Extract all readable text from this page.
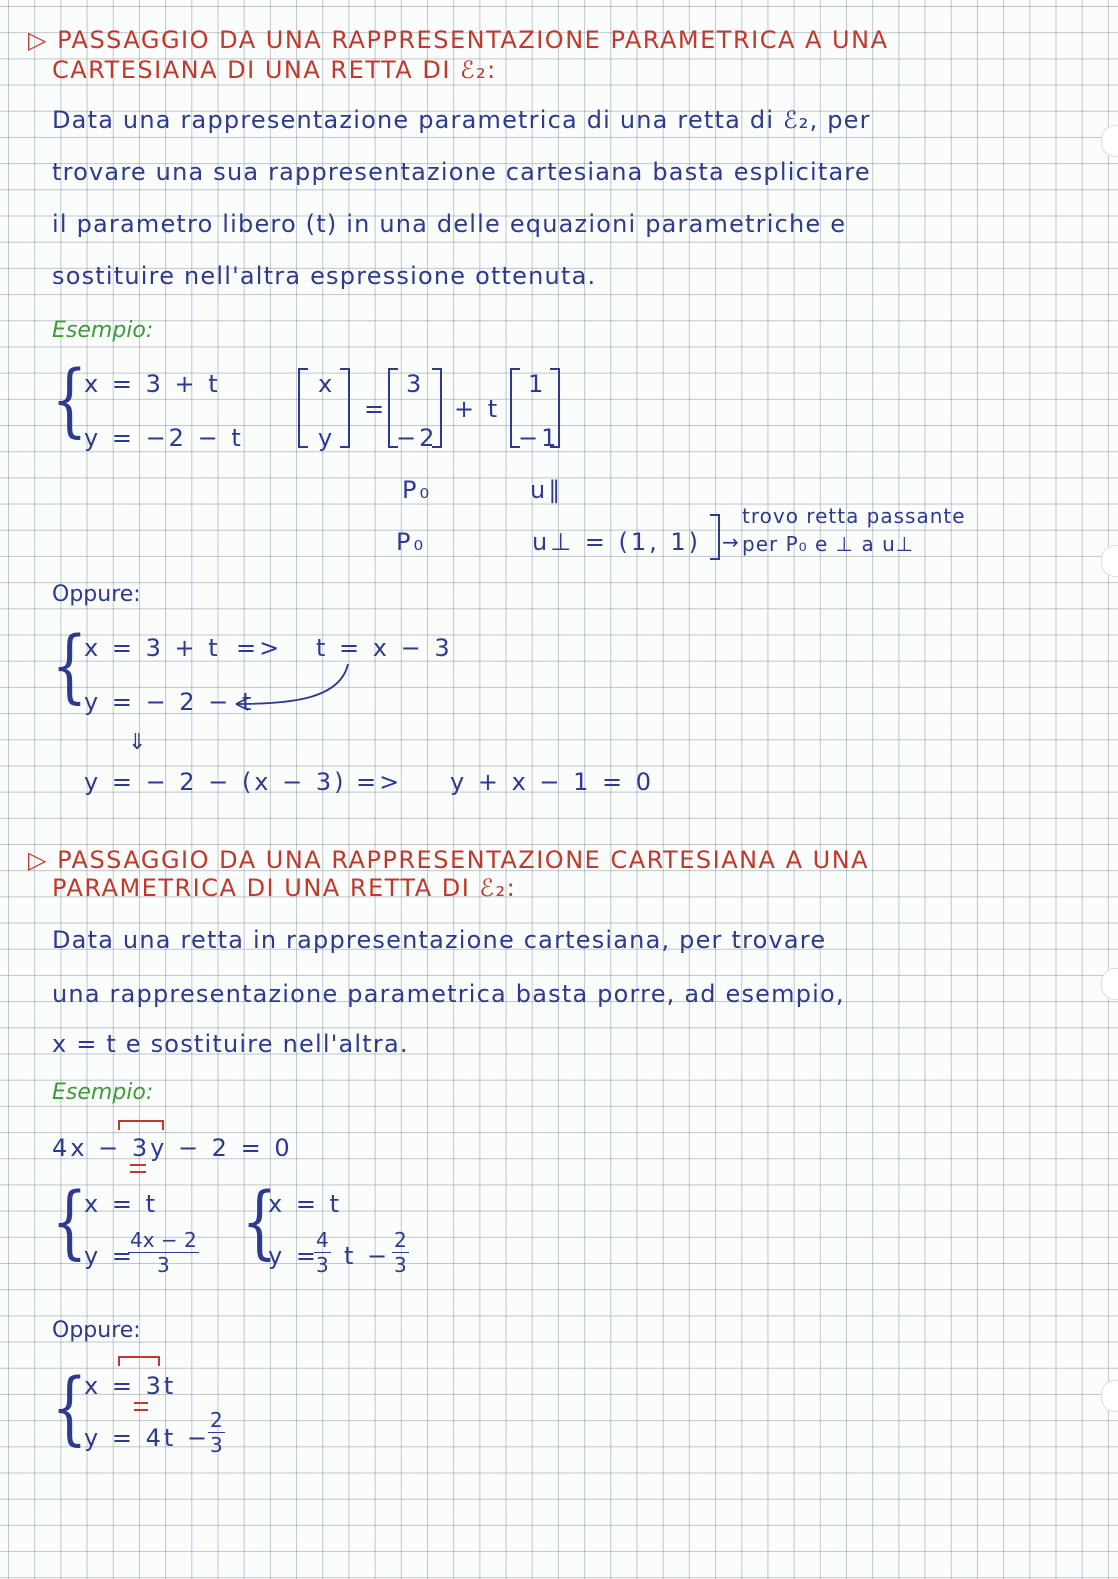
▷ PASSAGGIO DA UNA RAPPRESENTAZIONE PARAMETRICA A UNA
CARTESIANA DI UNA RETTA DI ℰ₂:
Data una rappresentazione parametrica di una retta di ℰ₂, per
trovare una sua rappresentazione cartesiana basta esplicitare
il parametro libero (t) in una delle equazioni parametriche e
sostituire nell'altra espressione ottenuta.
Esempio:
{
x = 3 + t
y = −2 − t
x
y
=
3
−2
+ t
1
−1
P₀	u∥
P₀	u⊥ = (1, 1) →
trovo retta passante
per P₀ e ⊥ a u⊥
Oppure:
{
x = 3 + t => t = x − 3
y = − 2 − t
⇓
y = − 2 − (x − 3) => y + x − 1 = 0
▷ PASSAGGIO DA UNA RAPPRESENTAZIONE CARTESIANA A UNA
PARAMETRICA DI UNA RETTA DI ℰ₂:
Data una retta in rappresentazione cartesiana, per trovare
una rappresentazione parametrica basta porre, ad esempio,
x = t e sostituire nell'altra.
Esempio:
4x − 3y − 2 = 0
{
x = t
y =
$\frac{4x - 2}{3}$ {
x = t
y =
$\frac{4}{3}$ $t - \frac{2}{3}$
Oppure:
{
x = 3t
y = 4t −
$\frac{2}{3}$
